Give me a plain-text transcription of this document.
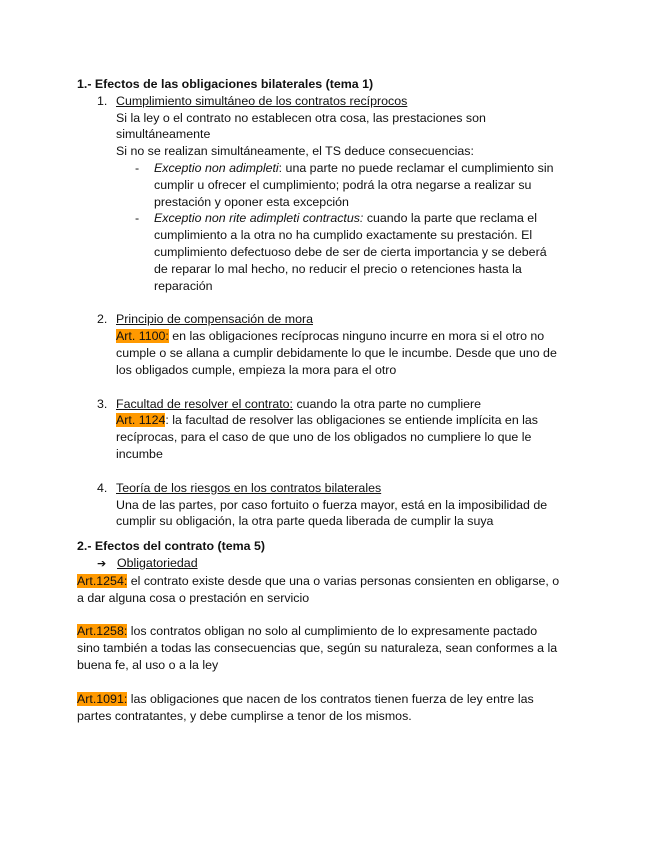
1.- Efectos de las obligaciones bilaterales (tema 1)
1. Cumplimiento simultáneo de los contratos recíprocos
Si la ley o el contrato no establecen otra cosa, las prestaciones son
simultáneamente
Si no se realizan simultáneamente, el TS deduce consecuencias:
- Exceptio non adimpleti: una parte no puede reclamar el cumplimiento sin
cumplir u ofrecer el cumplimiento; podrá la otra negarse a realizar su
prestación y oponer esta excepción
- Exceptio non rite adimpleti contractus: cuando la parte que reclama el
cumplimiento a la otra no ha cumplido exactamente su prestación. El
cumplimiento defectuoso debe de ser de cierta importancia y se deberá
de reparar lo mal hecho, no reducir el precio o retenciones hasta la
reparación
2. Principio de compensación de mora
Art. 1100: en las obligaciones recíprocas ninguno incurre en mora si el otro no
cumple o se allana a cumplir debidamente lo que le incumbe. Desde que uno de
los obligados cumple, empieza la mora para el otro
3. Facultad de resolver el contrato: cuando la otra parte no cumpliere
Art. 1124: la facultad de resolver las obligaciones se entiende implícita en las
recíprocas, para el caso de que uno de los obligados no cumpliere lo que le
incumbe
4. Teoría de los riesgos en los contratos bilaterales
Una de las partes, por caso fortuito o fuerza mayor, está en la imposibilidad de
cumplir su obligación, la otra parte queda liberada de cumplir la suya
2.- Efectos del contrato (tema 5)
➔ Obligatoriedad
Art.1254: el contrato existe desde que una o varias personas consienten en obligarse, o
a dar alguna cosa o prestación en servicio
Art.1258: los contratos obligan no solo al cumplimiento de lo expresamente pactado
sino también a todas las consecuencias que, según su naturaleza, sean conformes a la
buena fe, al uso o a la ley
Art.1091: las obligaciones que nacen de los contratos tienen fuerza de ley entre las
partes contratantes, y debe cumplirse a tenor de los mismos.
